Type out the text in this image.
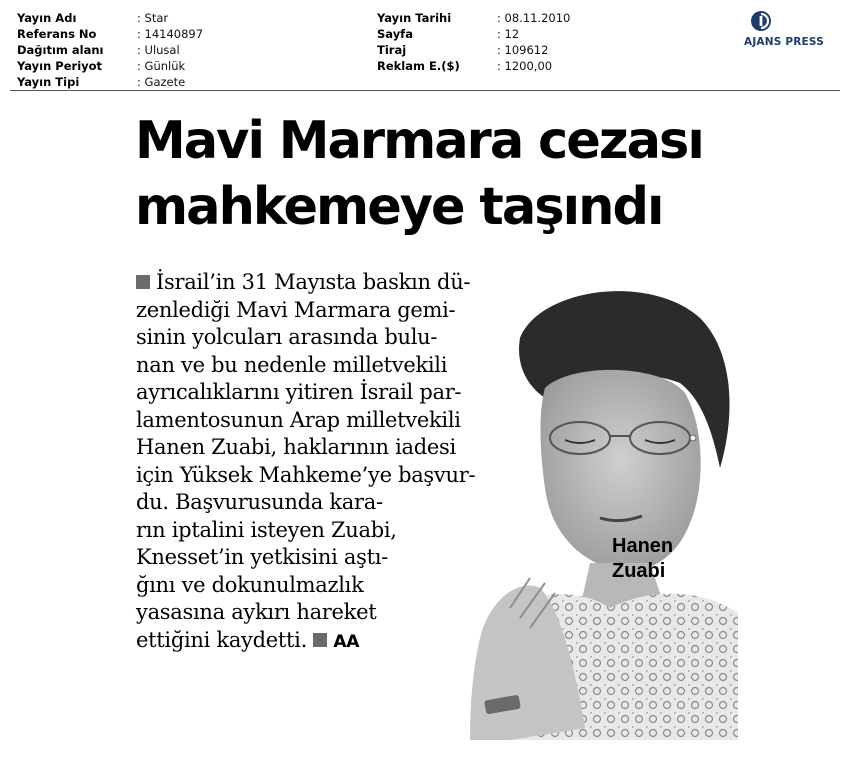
Yayın Adı	: Star
Referans No	: 14140897
Dağıtım alanı	: Ulusal
Yayın Periyot	: Günlük
Yayın Tipi	: Gazete
Yayın Tarihi	: 08.11.2010
Sayfa	: 12
Tiraj	: 109612
Reklam E.($)	: 1200,00
AJANS PRESS
Mavi Marmara cezası
mahkemeye taşındı
Hanen
Zuabi
İsrail’in 31 Mayısta baskın dü-
zenlediği Mavi Marmara gemi-
sinin yolcuları arasında bulu-
nan ve bu nedenle milletvekili
ayrıcalıklarını yitiren İsrail par-
lamentosunun Arap milletvekili
Hanen Zuabi, haklarının iadesi
için Yüksek Mahkeme’ye başvur-
du. Başvurusunda kara-
rın iptalini isteyen Zuabi,
Knesset’in yetkisini aştı-
ğını ve dokunulmazlık
yasasına aykırı hareket
ettiğini kaydetti. AA
